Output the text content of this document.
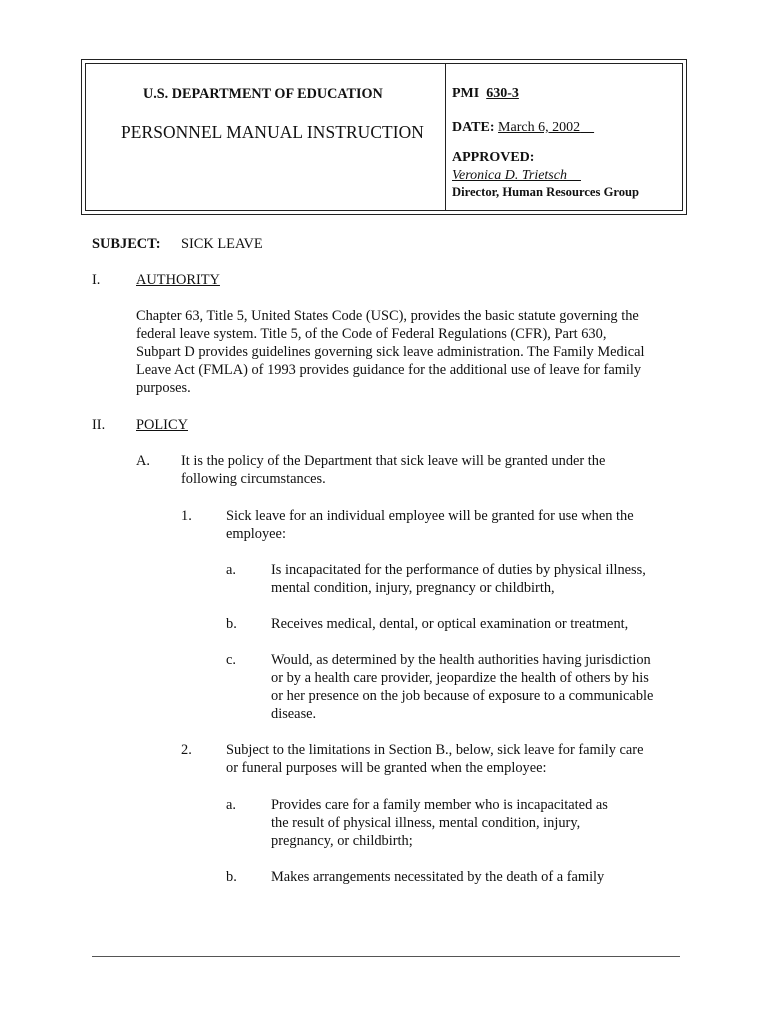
U.S. DEPARTMENT OF EDUCATION
PERSONNEL MANUAL INSTRUCTION
PMI 630-3
DATE: March 6, 2002
APPROVED:
Veronica D. Trietsch
Director, Human Resources Group
SUBJECT: SICK LEAVE
I. AUTHORITY
Chapter 63, Title 5, United States Code (USC), provides the basic statute governing the
federal leave system. Title 5, of the Code of Federal Regulations (CFR), Part 630,
Subpart D provides guidelines governing sick leave administration. The Family Medical
Leave Act (FMLA) of 1993 provides guidance for the additional use of leave for family
purposes.
II. POLICY
A. It is the policy of the Department that sick leave will be granted under the
following circumstances.
1. Sick leave for an individual employee will be granted for use when the
employee:
a. Is incapacitated for the performance of duties by physical illness,
mental condition, injury, pregnancy or childbirth,
b. Receives medical, dental, or optical examination or treatment,
c. Would, as determined by the health authorities having jurisdiction
or by a health care provider, jeopardize the health of others by his
or her presence on the job because of exposure to a communicable
disease.
2. Subject to the limitations in Section B., below, sick leave for family care
or funeral purposes will be granted when the employee:
a. Provides care for a family member who is incapacitated as
the result of physical illness, mental condition, injury,
pregnancy, or childbirth;
b. Makes arrangements necessitated by the death of a family
